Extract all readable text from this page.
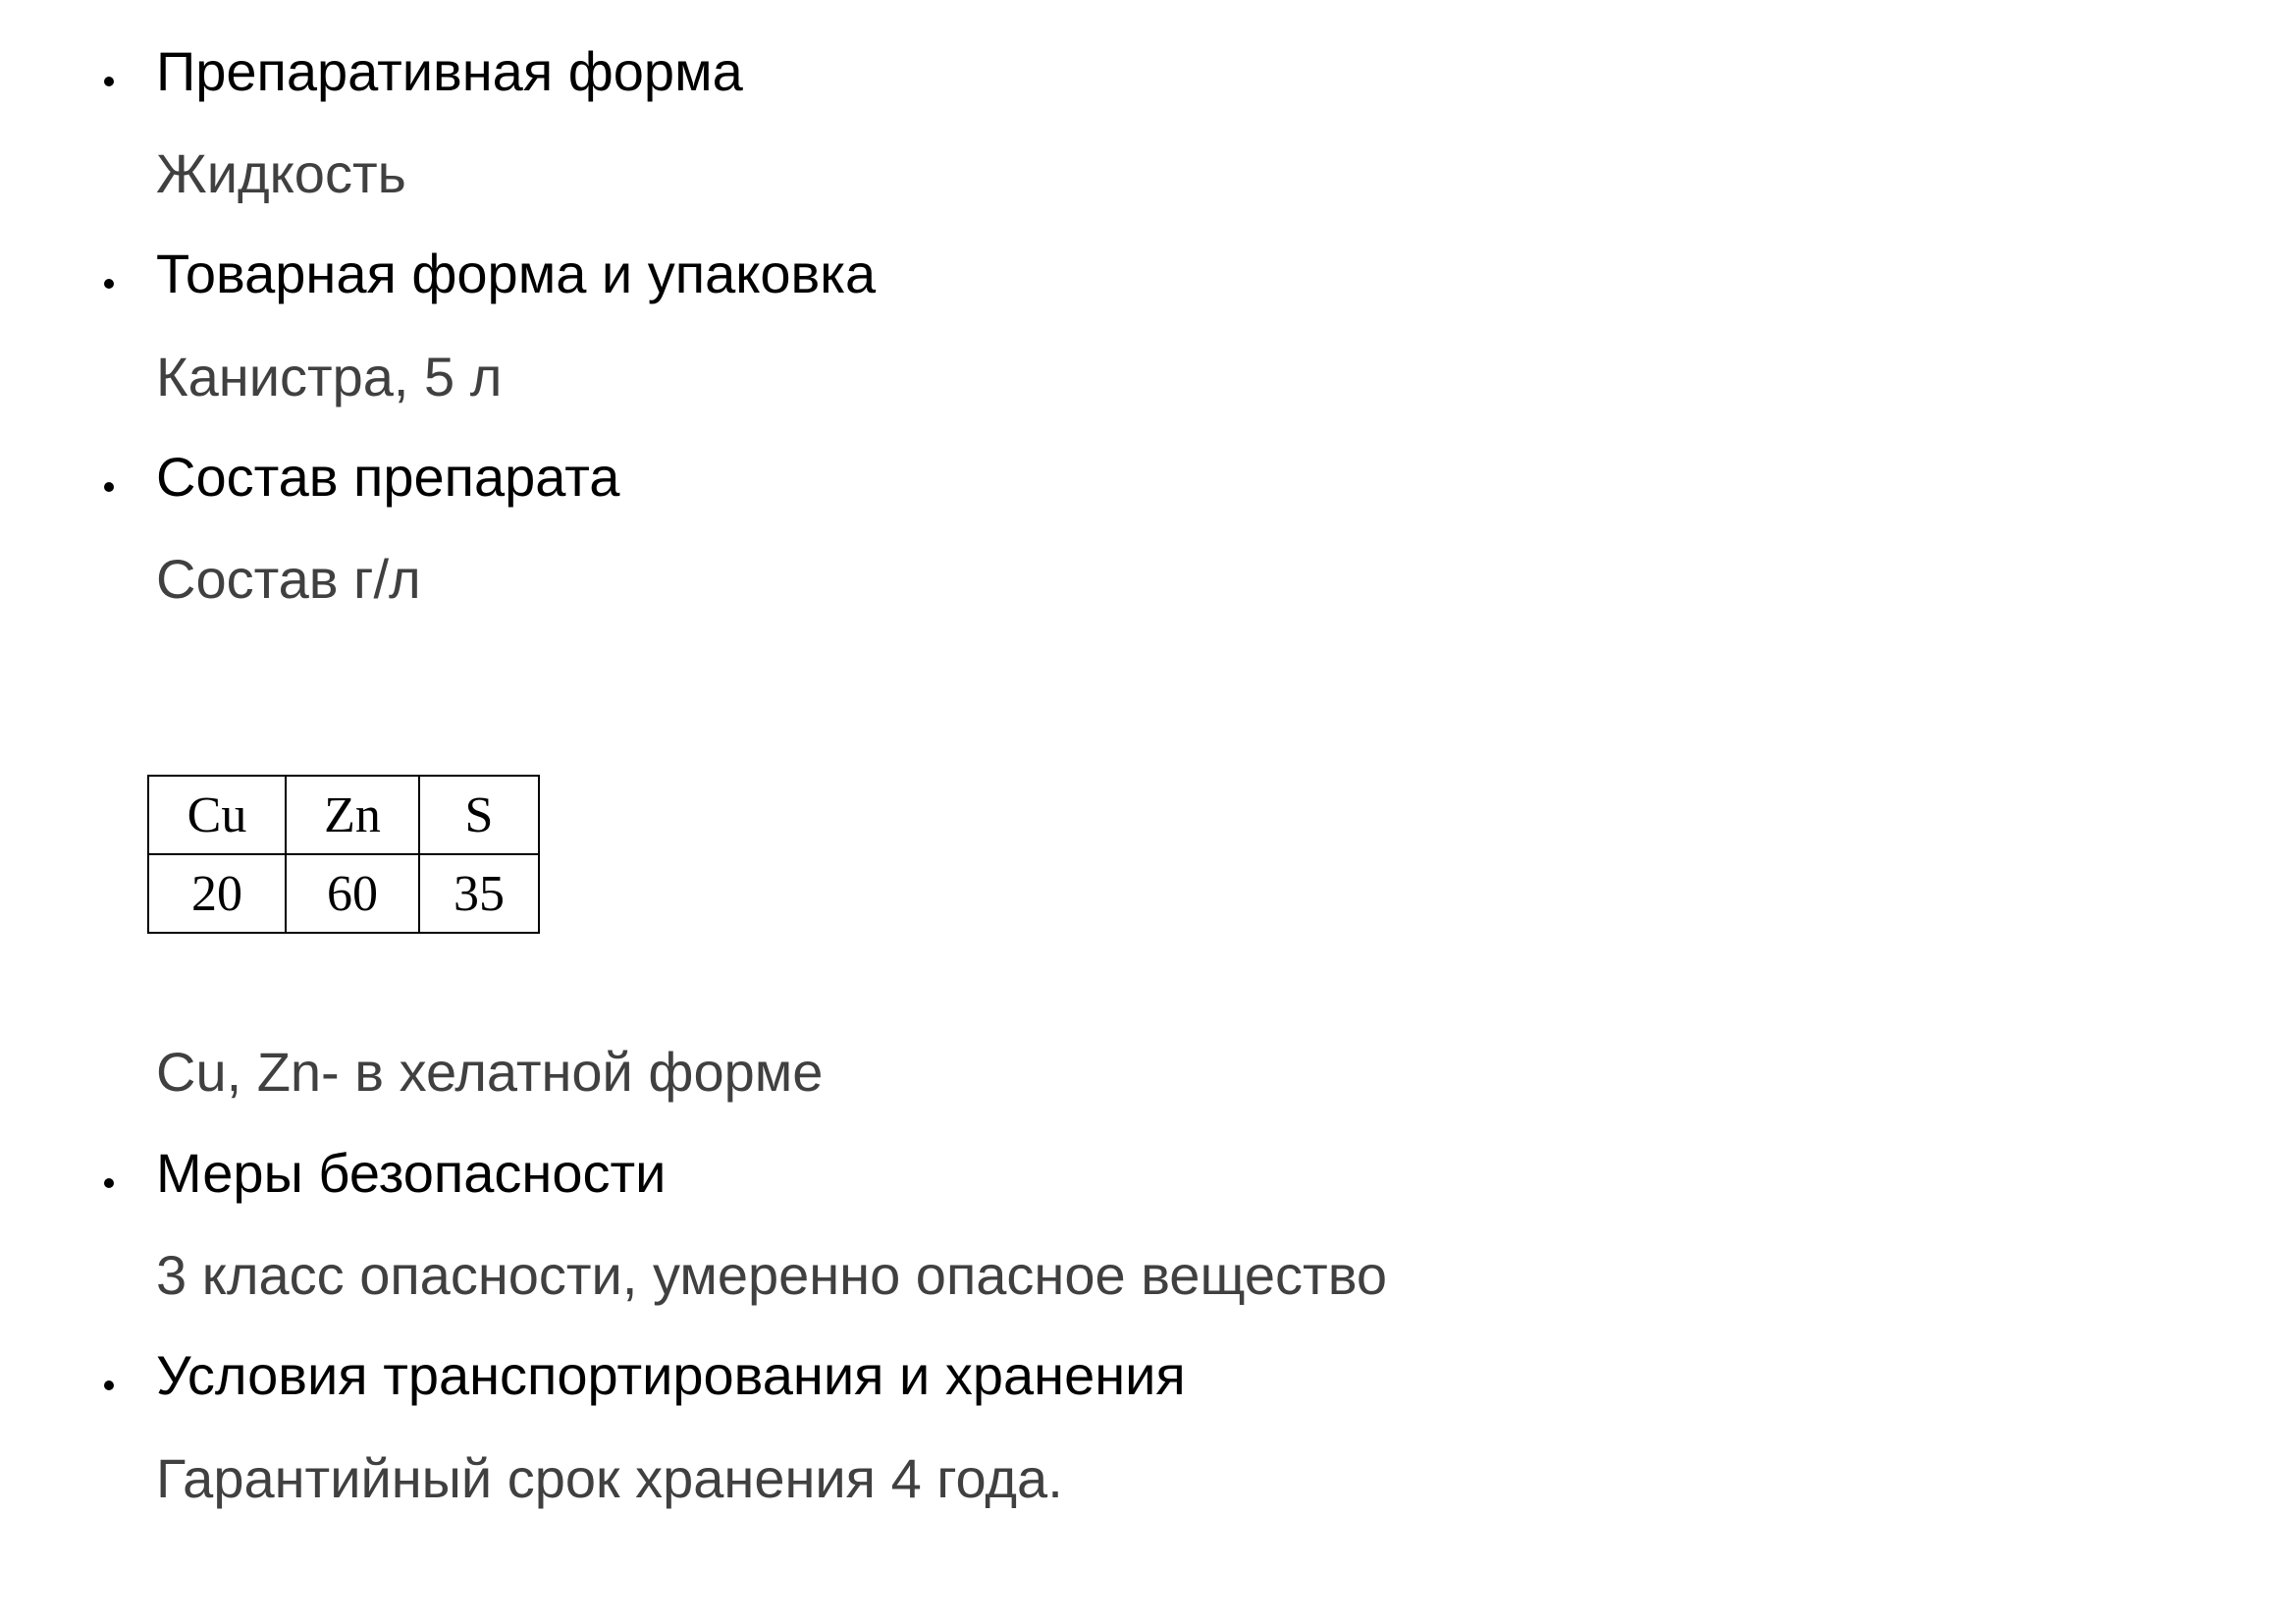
Препаративная форма
Жидкость
Товарная форма и упаковка
Канистра, 5 л
Состав препарата
Состав г/л
Cu	Zn	S
20	60	35
Cu, Zn- в хелатной форме
Меры безопасности
3 класс опасности, умеренно опасное вещество
Условия транспортирования и хранения
Гарантийный срок хранения 4 года.
